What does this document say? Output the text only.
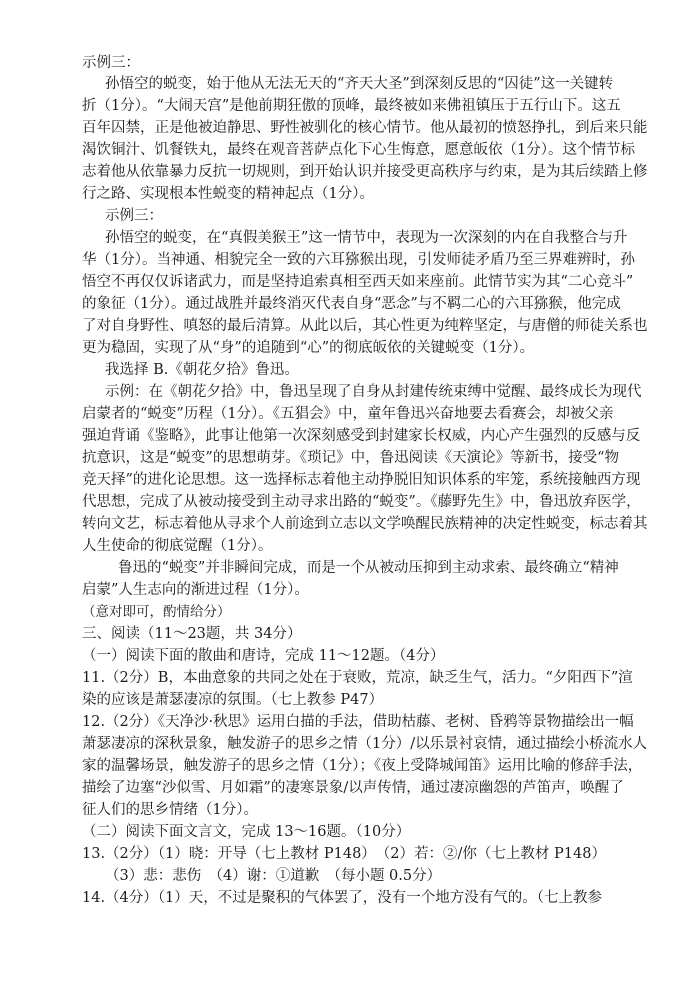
示例三：
孙悟空的蜕变，始于他从无法无天的“齐天大圣”到深刻反思的“囚徒”这一关键转
折（1分）。“大闹天宫”是他前期狂傲的顶峰，最终被如来佛祖镇压于五行山下。这五
百年囚禁，正是他被迫静思、野性被驯化的核心情节。他从最初的愤怒挣扎，到后来只能
渴饮铜汁、饥餐铁丸，最终在观音菩萨点化下心生悔意，愿意皈依（1分）。这个情节标
志着他从依靠暴力反抗一切规则，到开始认识并接受更高秩序与约束，是为其后续踏上修
行之路、实现根本性蜕变的精神起点（1分）。
示例三：
孙悟空的蜕变，在“真假美猴王”这一情节中，表现为一次深刻的内在自我整合与升
华（1分）。当神通、相貌完全一致的六耳猕猴出现，引发师徒矛盾乃至三界难辨时，孙
悟空不再仅仅诉诸武力，而是坚持追索真相至西天如来座前。此情节实为其“二心竞斗”
的象征（1分）。通过战胜并最终消灭代表自身“恶念”与不羁二心的六耳猕猴，他完成
了对自身野性、嗔怒的最后清算。从此以后，其心性更为纯粹坚定，与唐僧的师徒关系也
更为稳固，实现了从“身”的追随到“心”的彻底皈依的关键蜕变（1分）。
我选择 B.《朝花夕拾》鲁迅。
示例：在《朝花夕拾》中，鲁迅呈现了自身从封建传统束缚中觉醒、最终成长为现代
启蒙者的“蜕变”历程（1分）。《五猖会》中，童年鲁迅兴奋地要去看赛会，却被父亲
强迫背诵《鉴略》，此事让他第一次深刻感受到封建家长权威，内心产生强烈的反感与反
抗意识，这是“蜕变”的思想萌芽。《琐记》中，鲁迅阅读《天演论》等新书，接受“物
竞天择”的进化论思想。这一选择标志着他主动挣脱旧知识体系的牢笼，系统接触西方现
代思想，完成了从被动接受到主动寻求出路的“蜕变”。《藤野先生》中，鲁迅放弃医学，
转向文艺，标志着他从寻求个人前途到立志以文学唤醒民族精神的决定性蜕变，标志着其
人生使命的彻底觉醒（1分）。
鲁迅的“蜕变”并非瞬间完成，而是一个从被动压抑到主动求索、最终确立“精神
启蒙”人生志向的渐进过程（1分）。
（意对即可，酌情给分）
三、阅读（11～23题，共 34分）
（一）阅读下面的散曲和唐诗，完成 11～12题。（4分）
11.（2分）B，本曲意象的共同之处在于衰败，荒凉，缺乏生气，活力。“夕阳西下”渲
染的应该是萧瑟凄凉的氛围。（七上教参 P47）
12.（2分）《天净沙·秋思》运用白描的手法，借助枯藤、老树、昏鸦等景物描绘出一幅
萧瑟凄凉的深秋景象，触发游子的思乡之情（1分）/以乐景衬哀情，通过描绘小桥流水人
家的温馨场景，触发游子的思乡之情（1分）；《夜上受降城闻笛》运用比喻的修辞手法，
描绘了边塞“沙似雪、月如霜”的凄寒景象/以声传情，通过凄凉幽怨的芦笛声，唤醒了
征人们的思乡情绪（1分）。
（二）阅读下面文言文，完成 13～16题。（10分）
13.（2分）（1）晓：开导（七上教材 P148）　（2）若：②/你（七上教材 P148）
（3）悲：悲伤　（4）谢：①道歉　（每小题 0.5分）
14.（4分）（1）天，不过是聚积的气体罢了，没有一个地方没有气的。（七上教参
